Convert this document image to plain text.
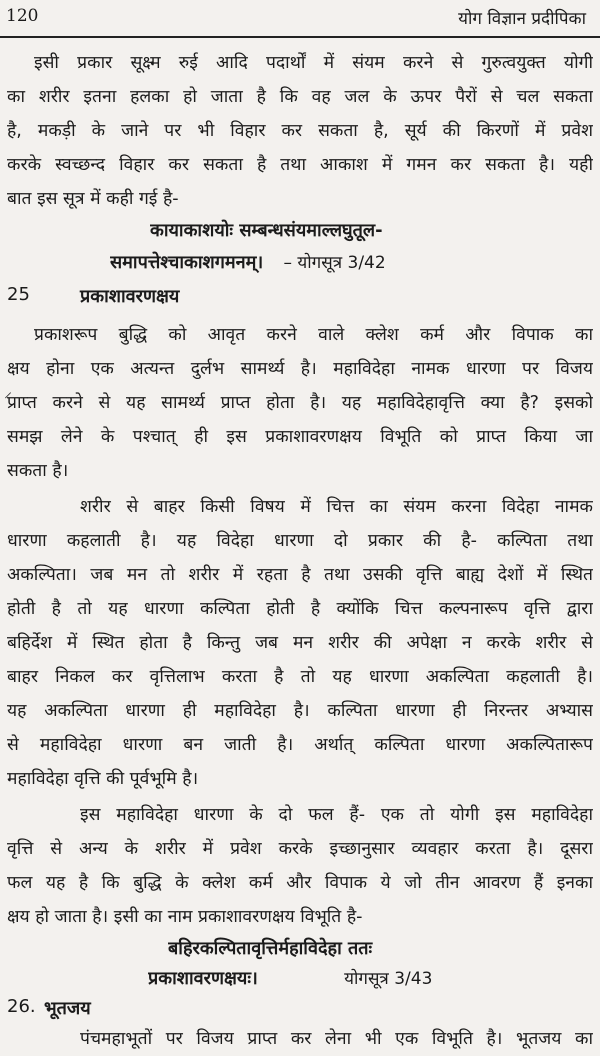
120	योग विज्ञान प्रदीपिका
इसी प्रकार सूक्ष्म रुई आदि पदार्थों में संयम करने से गुरुत्वयुक्त योगी
का शरीर इतना हलका हो जाता है कि वह जल के ऊपर पैरों से चल सकता
है, मकड़ी के जाने पर भी विहार कर सकता है, सूर्य की किरणों में प्रवेश
करके स्वच्छन्द विहार कर सकता है तथा आकाश में गमन कर सकता है। यही
बात इस सूत्र में कही गई है-
कायाकाशयोः सम्बन्धसंयमाल्लघुतूल-
समापत्तेश्चाकाशगमनम्। – योगसूत्र 3/42
25	प्रकाशावरणक्षय
⸝
प्रकाशरूप बुद्धि को आवृत करने वाले क्लेश कर्म और विपाक का
क्षय होना एक अत्यन्त दुर्लभ सामर्थ्य है। महाविदेहा नामक धारणा पर विजय
प्राप्त करने से यह सामर्थ्य प्राप्त होता है। यह महाविदेहावृत्ति क्या है? इसको
समझ लेने के पश्चात् ही इस प्रकाशावरणक्षय विभूति को प्राप्त किया जा
सकता है।
शरीर से बाहर किसी विषय में चित्त का संयम करना विदेहा नामक
धारणा कहलाती है। यह विदेहा धारणा दो प्रकार की है- कल्पिता तथा
अकल्पिता। जब मन तो शरीर में रहता है तथा उसकी वृत्ति बाह्य देशों में स्थित
होती है तो यह धारणा कल्पिता होती है क्योंकि चित्त कल्पनारूप वृत्ति द्वारा
बहिर्देश में स्थित होता है किन्तु जब मन शरीर की अपेक्षा न करके शरीर से
बाहर निकल कर वृत्तिलाभ करता है तो यह धारणा अकल्पिता कहलाती है।
यह अकल्पिता धारणा ही महाविदेहा है। कल्पिता धारणा ही निरन्तर अभ्यास
से महाविदेहा धारणा बन जाती है। अर्थात् कल्पिता धारणा अकल्पितारूप
महाविदेहा वृत्ति की पूर्वभूमि है।
इस महाविदेहा धारणा के दो फल हैं- एक तो योगी इस महाविदेहा
वृत्ति से अन्य के शरीर में प्रवेश करके इच्छानुसार व्यवहार करता है। दूसरा
फल यह है कि बुद्धि के क्लेश कर्म और विपाक ये जो तीन आवरण हैं इनका
क्षय हो जाता है। इसी का नाम प्रकाशावरणक्षय विभूति है-
बहिरकल्पितावृत्तिर्महाविदेहा ततः
प्रकाशावरणक्षयः।	योगसूत्र 3/43
26. भूतजय
पंचमहाभूतों पर विजय प्राप्त कर लेना भी एक विभूति है। भूतजय का
